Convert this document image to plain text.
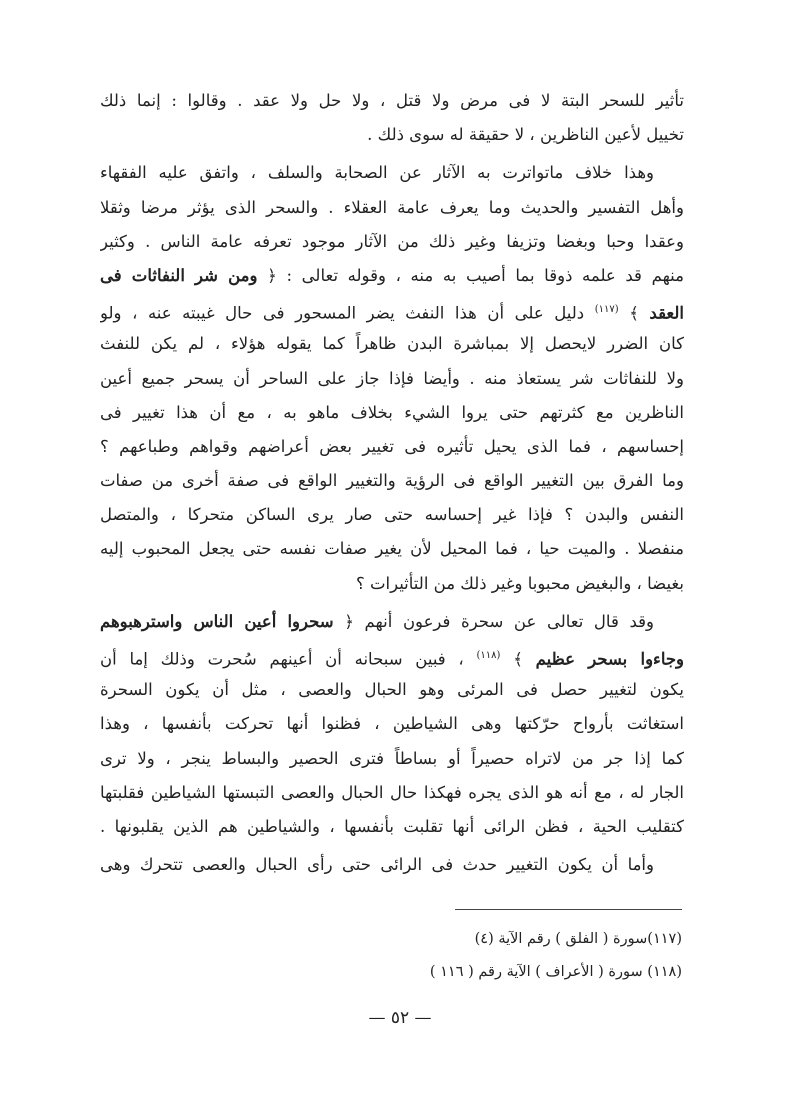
تأثير للسحر البتة لا فى مرض ولا قتل ، ولا حل ولا عقد . وقالوا : إنما ذلك
تخييل لأعين الناظرين ، لا حقيقة له سوى ذلك .
وهذا خلاف ماتواترت به الآثار عن الصحابة والسلف ، واتفق عليه الفقهاء
وأهل التفسير والحديث وما يعرف عامة العقلاء . والسحر الذى يؤثر مرضا وثقلا
وعقدا وحبا وبغضا وتزيفا وغير ذلك من الآثار موجود تعرفه عامة الناس . وكثير
منهم قد علمه ذوقا بما أصيب به منه ، وقوله تعالى : ﴿ ومن شر النفاثات فى
العقد ﴾ $^{(١١٧)}$ دليل على أن هذا النفث يضر المسحور فى حال غيبته عنه ، ولو
كان الضرر لايحصل إلا بمباشرة البدن ظاهراً كما يقوله هؤلاء ، لم يكن للنفث
ولا للنفاثات شر يستعاذ منه . وأيضا فإذا جاز على الساحر أن يسحر جميع أعين
الناظرين مع كثرتهم حتى يروا الشيء بخلاف ماهو به ، مع أن هذا تغيير فى
إحساسهم ، فما الذى يحيل تأثيره فى تغيير بعض أعراضهم وقواهم وطباعهم ؟
وما الفرق بين التغيير الواقع فى الرؤية والتغيير الواقع فى صفة أخرى من صفات
النفس والبدن ؟ فإذا غير إحساسه حتى صار يرى الساكن متحركا ، والمتصل
منفصلا . والميت حيا ، فما المحيل لأن يغير صفات نفسه حتى يجعل المحبوب إليه
بغيضا ، والبغيض محبوبا وغير ذلك من التأثيرات ؟
وقد قال تعالى عن سحرة فرعون أنهم ﴿ سحروا أعين الناس واسترهبوهم
وجاءوا بسحر عظيم ﴾ $^{(١١٨)}$ ، فبين سبحانه أن أعينهم سُحرت وذلك إما أن
يكون لتغيير حصل فى المرئى وهو الحبال والعصى ، مثل أن يكون السحرة
استغاثت بأرواح حرّكتها وهى الشياطين ، فظنوا أنها تحركت بأنفسها ، وهذا
كما إذا جر من لاتراه حصيراً أو بساطاً فترى الحصير والبساط ينجر ، ولا ترى
الجار له ، مع أنه هو الذى يجره فهكذا حال الحبال والعصى التبستها الشياطين فقلبتها
كتقليب الحية ، فظن الرائى أنها تقلبت بأنفسها ، والشياطين هم الذين يقلبونها .
وأما أن يكون التغيير حدث فى الرائى حتى رأى الحبال والعصى تتحرك وهى
(١١٧)سورة ( الفلق ) رقم الآية (٤)
(١١٨) سورة ( الأعراف ) الآية رقم ( ١١٦ )
— ٥٢ —
